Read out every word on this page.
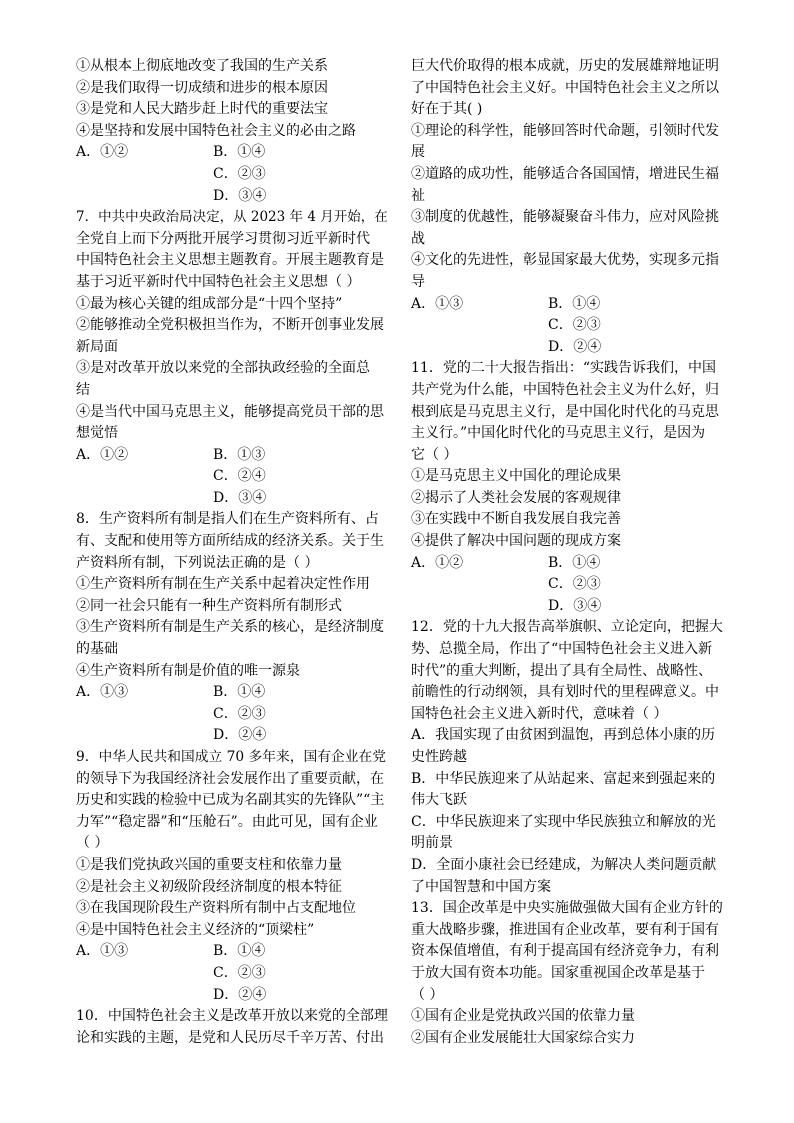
①从根本上彻底地改变了我国的生产关系
②是我们取得一切成绩和进步的根本原因
③是党和人民大踏步赶上时代的重要法宝
④是坚持和发展中国特色社会主义的必由之路
A．①②	B．①④
C．②③
D．③④
7．中共中央政治局决定，从 2023 年 4 月开始，在
全党自上而下分两批开展学习贯彻习近平新时代
中国特色社会主义思想主题教育。开展主题教育是
基于习近平新时代中国特色社会主义思想（ ）
①最为核心关键的组成部分是“十四个坚持”
②能够推动全党积极担当作为，不断开创事业发展
新局面
③是对改革开放以来党的全部执政经验的全面总
结
④是当代中国马克思主义，能够提高党员干部的思
想觉悟
A．①②	B．①③
C．②④
D．③④
8．生产资料所有制是指人们在生产资料所有、占
有、支配和使用等方面所结成的经济关系。关于生
产资料所有制，下列说法正确的是（ ）
①生产资料所有制在生产关系中起着决定性作用
②同一社会只能有一种生产资料所有制形式
③生产资料所有制是生产关系的核心，是经济制度
的基础
④生产资料所有制是价值的唯一源泉
A．①③	B．①④
C．②③
D．②④
9．中华人民共和国成立 70 多年来，国有企业在党
的领导下为我国经济社会发展作出了重要贡献，在
历史和实践的检验中已成为名副其实的先锋队”“主
力军”“稳定器”和“压舱石”。由此可见，国有企业
（ ）
①是我们党执政兴国的重要支柱和依靠力量
②是社会主义初级阶段经济制度的根本特征
③在我国现阶段生产资料所有制中占支配地位
④是中国特色社会主义经济的“顶梁柱”
A．①③	B．①④
C．②③
D．②④
10．中国特色社会主义是改革开放以来党的全部理
论和实践的主题，是党和人民历尽千辛万苦、付出
巨大代价取得的根本成就，历史的发展雄辩地证明
了中国特色社会主义好。中国特色社会主义之所以
好在于其( )
①理论的科学性，能够回答时代命题，引领时代发
展
②道路的成功性，能够适合各国国情，增进民生福
祉
③制度的优越性，能够凝聚奋斗伟力，应对风险挑
战
④文化的先进性，彰显国家最大优势，实现多元指
导
A．①③	B．①④
C．②③
D．②④
11．党的二十大报告指出：“实践告诉我们，中国
共产党为什么能，中国特色社会主义为什么好，归
根到底是马克思主义行，是中国化时代化的马克思
主义行。”中国化时代化的马克思主义行，是因为
它（ ）
①是马克思主义中国化的理论成果
②揭示了人类社会发展的客观规律
③在实践中不断自我发展自我完善
④提供了解决中国问题的现成方案
A．①②	B．①④
C．②③
D．③④
12．党的十九大报告高举旗帜、立论定向，把握大
势、总揽全局，作出了“中国特色社会主义进入新
时代”的重大判断，提出了具有全局性、战略性、
前瞻性的行动纲领，具有划时代的里程碑意义。中
国特色社会主义进入新时代，意味着（ ）
A．我国实现了由贫困到温饱，再到总体小康的历
史性跨越
B．中华民族迎来了从站起来、富起来到强起来的
伟大飞跃
C．中华民族迎来了实现中华民族独立和解放的光
明前景
D．全面小康社会已经建成，为解决人类问题贡献
了中国智慧和中国方案
13．国企改革是中央实施做强做大国有企业方针的
重大战略步骤，推进国有企业改革，要有利于国有
资本保值增值，有利于提高国有经济竞争力，有利
于放大国有资本功能。国家重视国企改革是基于
（ ）
①国有企业是党执政兴国的依靠力量
②国有企业发展能壮大国家综合实力
